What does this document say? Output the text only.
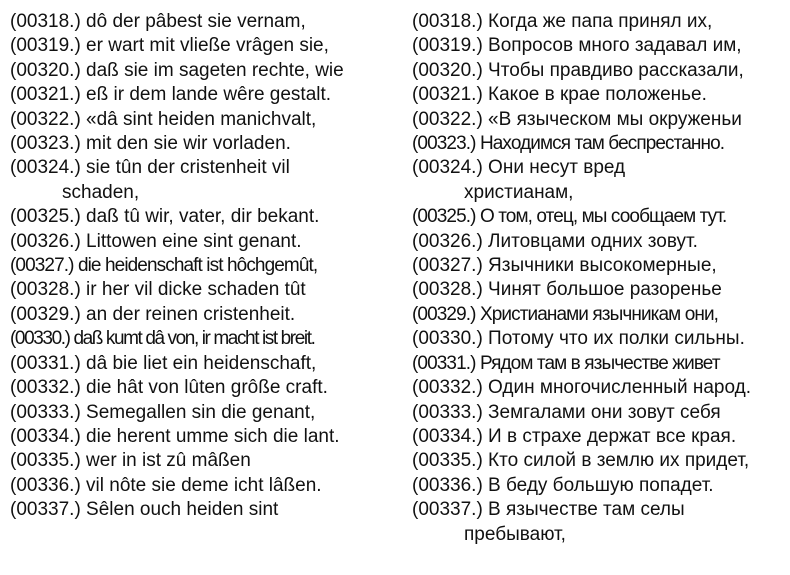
(00318.) dô der pâbest sie vernam,
(00319.) er wart mit vließe vrâgen sie,
(00320.) daß sie im sageten rechte, wie
(00321.) eß ir dem lande wêre gestalt.
(00322.) «dâ sint heiden manichvalt,
(00323.) mit den sie wir vorladen.
(00324.) sie tûn der cristenheit vil
schaden,
(00325.) daß tû wir, vater, dir bekant.
(00326.) Littowen eine sint genant.
(00327.) die heidenschaft ist hôchgemût,
(00328.) ir her vil dicke schaden tût
(00329.) an der reinen cristenheit.
(00330.) daß kumt dâ von, ir macht ist breit.
(00331.) dâ bie liet ein heidenschaft,
(00332.) die hât von lûten grôße craft.
(00333.) Semegallen sin die genant,
(00334.) die herent umme sich die lant.
(00335.) wer in ist zû mâßen
(00336.) vil nôte sie deme icht lâßen.
(00337.) Sêlen ouch heiden sint
(00318.) Когда же папа принял их,
(00319.) Вопросов много задавал им,
(00320.) Чтобы правдиво рассказали,
(00321.) Какое в крае положенье.
(00322.) «В языческом мы окруженьи
(00323.) Находимся там беспрестанно.
(00324.) Они несут вред
христианам,
(00325.) О том, отец, мы сообщаем тут.
(00326.) Литовцами одних зовут.
(00327.) Язычники высокомерные,
(00328.) Чинят большое разоренье
(00329.) Христианами язычникам они,
(00330.) Потому что их полки сильны.
(00331.) Рядом там в язычестве живет
(00332.) Один многочисленный народ.
(00333.) Земгалами они зовут себя
(00334.) И в страхе держат все края.
(00335.) Кто силой в землю их придет,
(00336.) В беду большую попадет.
(00337.) В язычестве там селы
пребывают,
